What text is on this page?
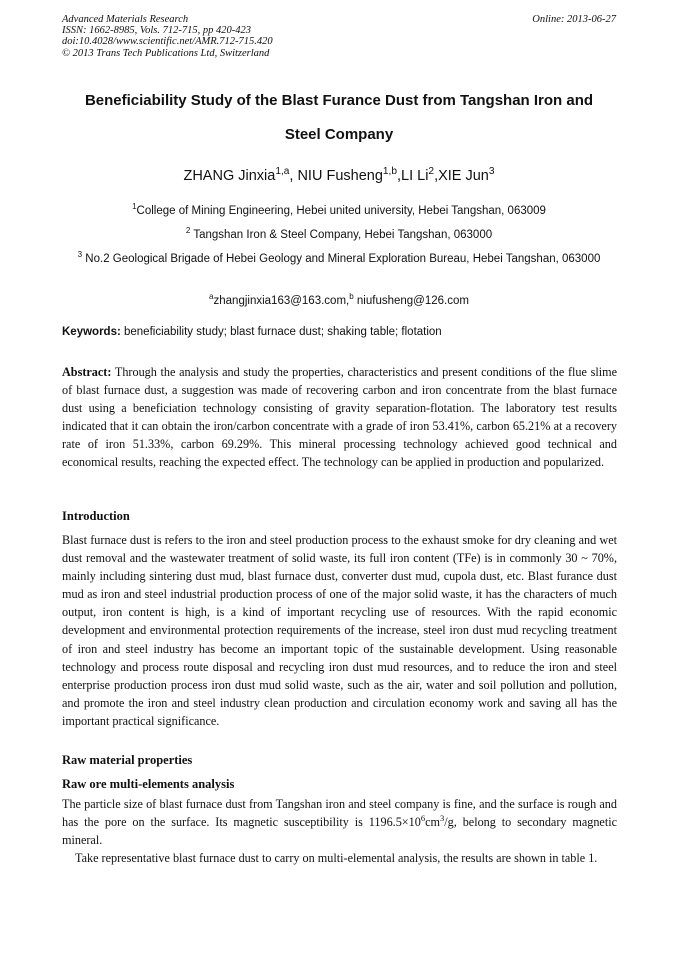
Advanced Materials Research
ISSN: 1662-8985, Vols. 712-715, pp 420-423
doi:10.4028/www.scientific.net/AMR.712-715.420
© 2013 Trans Tech Publications Ltd, Switzerland
Online: 2013-06-27
Beneficiability Study of the Blast Furance Dust from Tangshan Iron and
Steel Company
ZHANG Jinxia$^{1,a}$, NIU Fusheng$^{1,b}$,LI Li$^2$,XIE Jun$^3$
$^1$College of Mining Engineering, Hebei united university, Hebei Tangshan, 063009
$^2$ Tangshan Iron & Steel Company, Hebei Tangshan, 063000
$^3$ No.2 Geological Brigade of Hebei Geology and Mineral Exploration Bureau, Hebei Tangshan, 063000
$^a$zhangjinxia163@163.com,$^b$ niufusheng@126.com
Keywords: beneficiability study; blast furnace dust; shaking table; flotation
Abstract: Through the analysis and study the properties, characteristics and present conditions of the flue slime of blast furnace dust, a suggestion was made of recovering carbon and iron concentrate from the blast furnace dust using a beneficiation technology consisting of gravity separation-flotation. The laboratory test results indicated that it can obtain the iron/carbon concentrate with a grade of iron 53.41%, carbon 65.21% at a recovery rate of iron 51.33%, carbon 69.29%. This mineral processing technology achieved good technical and economical results, reaching the expected effect. The technology can be applied in production and popularized.
Introduction
Blast furnace dust is refers to the iron and steel production process to the exhaust smoke for dry cleaning and wet dust removal and the wastewater treatment of solid waste, its full iron content (TFe) is in commonly 30 ~ 70%, mainly including sintering dust mud, blast furnace dust, converter dust mud, cupola dust, etc. Blast furance dust mud as iron and steel industrial production process of one of the major solid waste, it has the characters of much output, iron content is high, is a kind of important recycling use of resources. With the rapid economic development and environmental protection requirements of the increase, steel iron dust mud recycling treatment of iron and steel industry has become an important topic of the sustainable development. Using reasonable technology and process route disposal and recycling iron dust mud resources, and to reduce the iron and steel enterprise production process iron dust mud solid waste, such as the air, water and soil pollution and pollution, and promote the iron and steel industry clean production and circulation economy work and saving all has the important practical significance.
Raw material properties
Raw ore multi-elements analysis
The particle size of blast furnace dust from Tangshan iron and steel company is fine, and the surface is rough and has the pore on the surface. Its magnetic susceptibility is $1196.5\times 10^6cm^3/g$, belong to secondary magnetic mineral.
Take representative blast furnace dust to carry on multi-elemental analysis, the results are shown in table 1.
